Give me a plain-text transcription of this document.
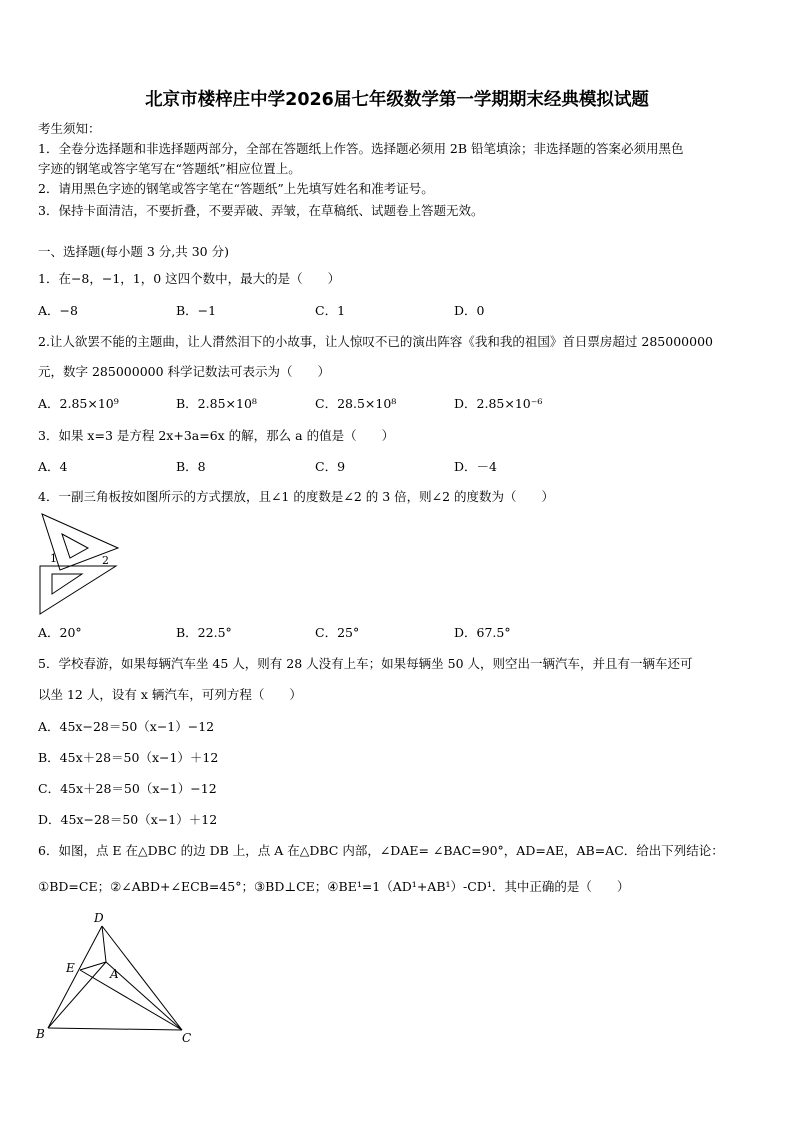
北京市楼梓庄中学2026届七年级数学第一学期期末经典模拟试题
考生须知：
1．全卷分选择题和非选择题两部分，全部在答题纸上作答。选择题必须用 2B 铅笔填涂；非选择题的答案必须用黑色
字迹的钢笔或答字笔写在“答题纸”相应位置上。
2．请用黑色字迹的钢笔或答字笔在“答题纸”上先填写姓名和准考证号。
3．保持卡面清洁，不要折叠，不要弄破、弄皱，在草稿纸、试题卷上答题无效。
一、选择题(每小题 3 分,共 30 分)
1．在−8，−1，1，0 这四个数中，最大的是（　　）
A．−8	B．−1	C．1	D．0
2.让人欲罢不能的主题曲，让人潸然泪下的小故事，让人惊叹不已的演出阵容《我和我的祖国》首日票房超过 285000000
元，数字 285000000 科学记数法可表示为（　　）
A．2.85×10⁹	B．2.85×10⁸	C．28.5×10⁸	D．2.85×10⁻⁶
3．如果 x=3 是方程 2x+3a=6x 的解，那么 a 的值是（　　）
A．4	B．8	C．9	D．－4
4．一副三角板按如图所示的方式摆放，且∠1 的度数是∠2 的 3 倍，则∠2 的度数为（　　）
1	2
A．20°	B．22.5°	C．25°	D．67.5°
5．学校春游，如果每辆汽车坐 45 人，则有 28 人没有上车；如果每辆坐 50 人，则空出一辆汽车，并且有一辆车还可
以坐 12 人，设有 x 辆汽车，可列方程（　　）
A．45x−28＝50（x−1）−12
B．45x＋28＝50（x−1）＋12
C．45x＋28＝50（x−1）−12
D．45x−28＝50（x−1）＋12
6．如图，点 E 在△DBC 的边 DB 上，点 A 在△DBC 内部，∠DAE= ∠BAC=90°，AD=AE，AB=AC．给出下列结论：
①BD=CE；②∠ABD+∠ECB=45°；③BD⊥CE；④BE¹=1（AD¹+AB¹）-CD¹．其中正确的是（　　）
D
E	A
B	C
